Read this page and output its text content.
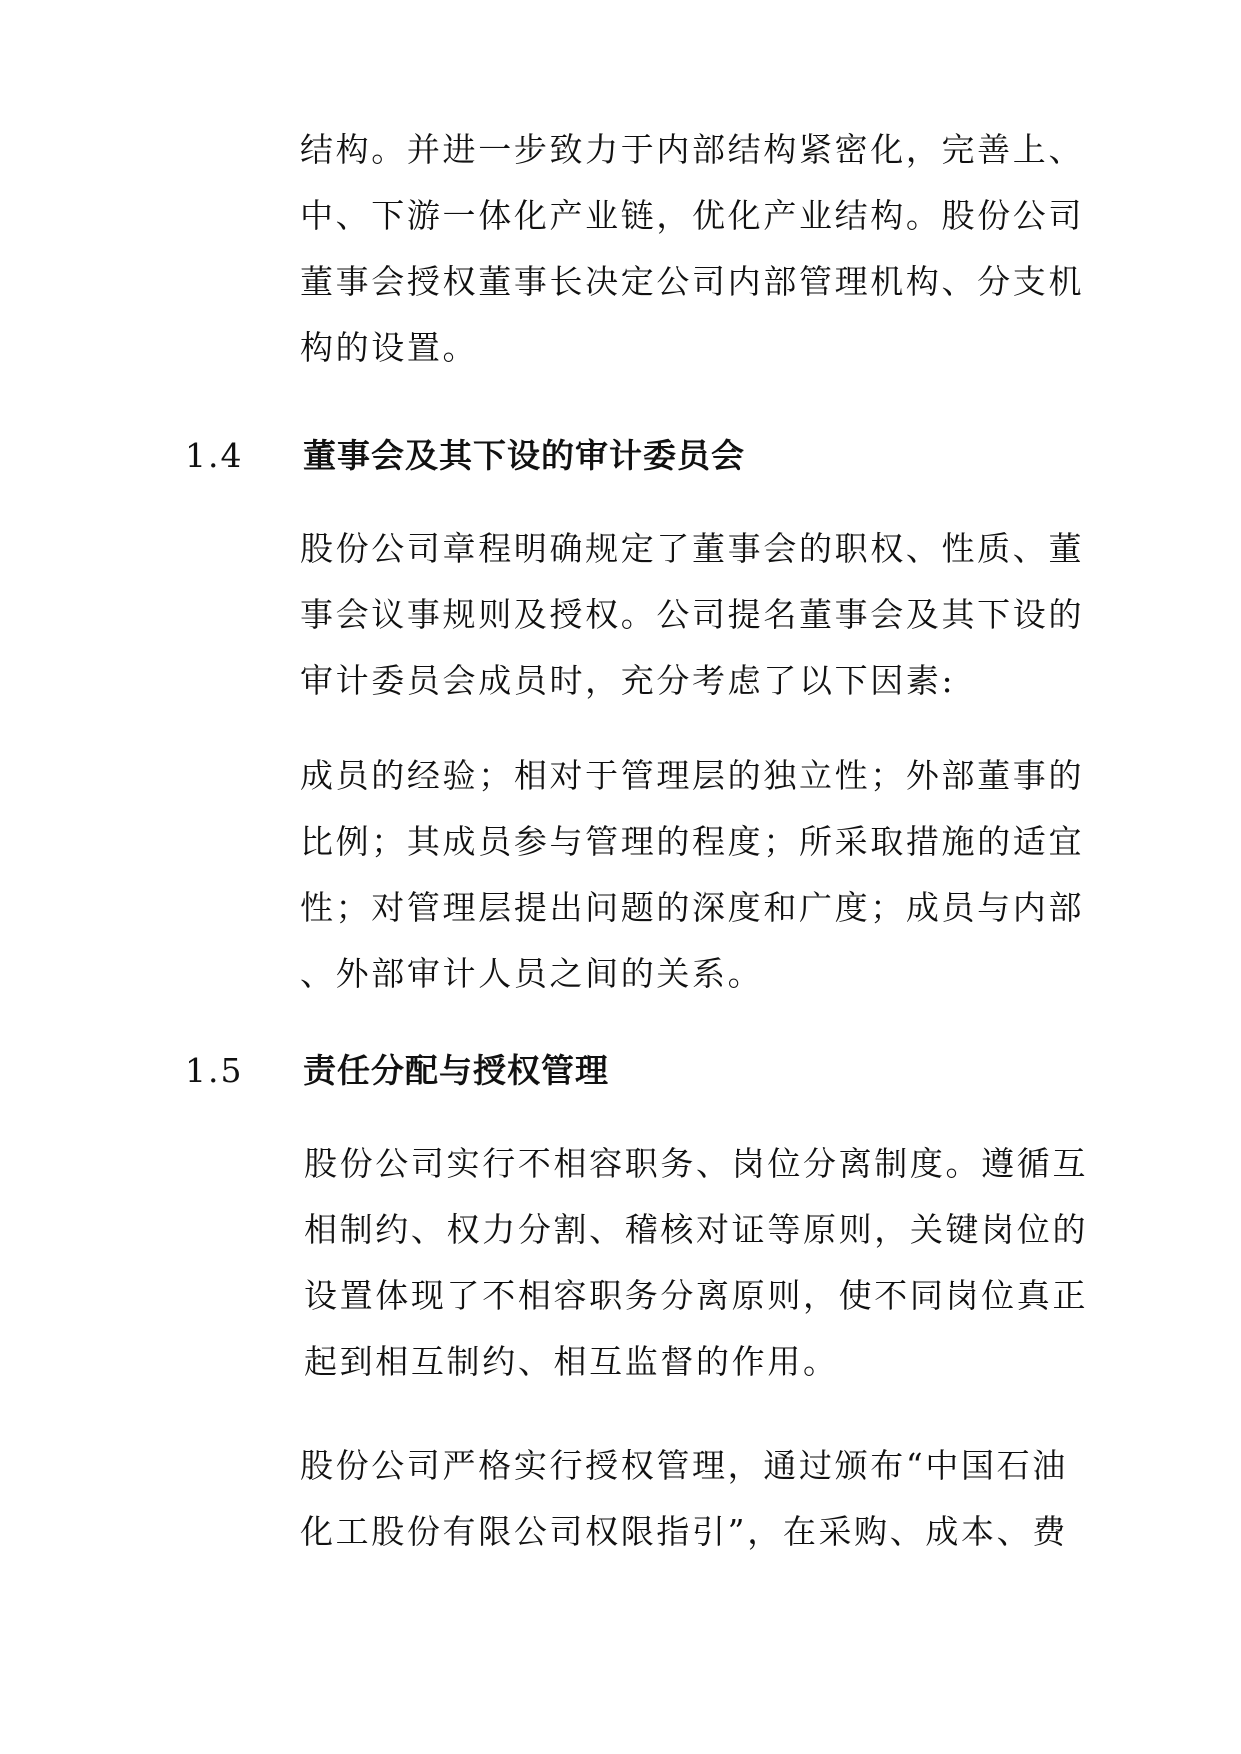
结构。并进一步致力于内部结构紧密化，完善上、
中、下游一体化产业链，优化产业结构。股份公司
董事会授权董事长决定公司内部管理机构、分支机
构的设置。

1.4 董事会及其下设的审计委员会

股份公司章程明确规定了董事会的职权、性质、董
事会议事规则及授权。公司提名董事会及其下设的
审计委员会成员时，充分考虑了以下因素:

成员的经验；相对于管理层的独立性；外部董事的
比例；其成员参与管理的程度；所采取措施的适宜
性；对管理层提出问题的深度和广度；成员与内部
、外部审计人员之间的关系。

1.5 责任分配与授权管理

股份公司实行不相容职务、岗位分离制度。遵循互
相制约、权力分割、稽核对证等原则，关键岗位的
设置体现了不相容职务分离原则，使不同岗位真正
起到相互制约、相互监督的作用。

股份公司严格实行授权管理，通过颁布“中国石油
化工股份有限公司权限指引”，在采购、成本、费
